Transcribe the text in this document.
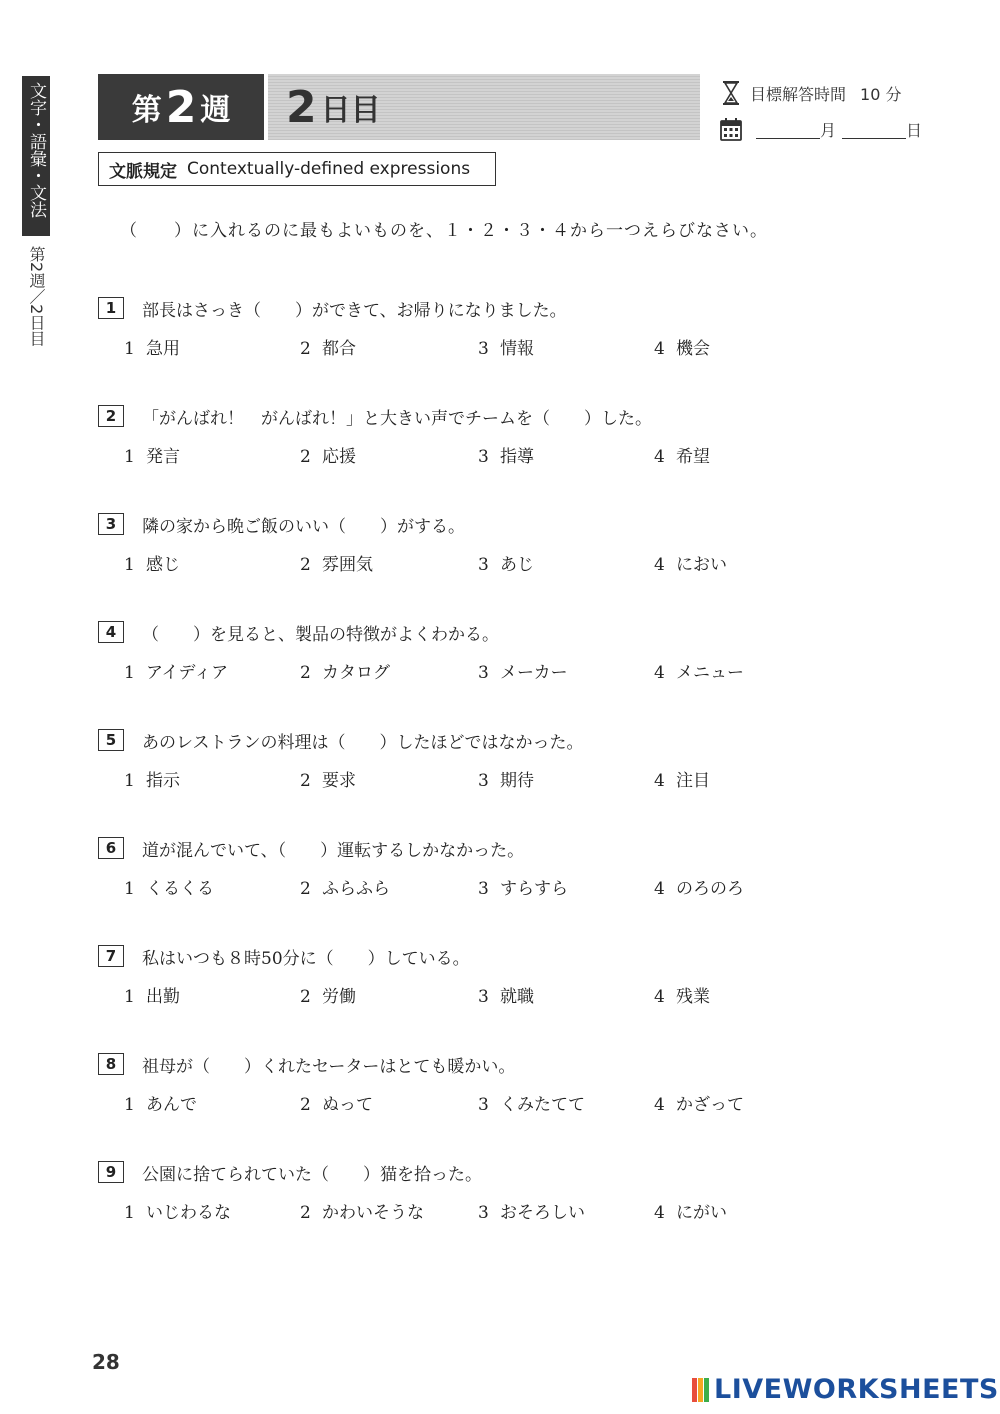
文字・語彙・文法
第2週／2日目
第 2 週 2 日目	目標解答時間 10 分
月	日
文脈規定 Contextually-defined expressions
（　　）に入れるのに最もよいものを、１・２・３・４から一つえらびなさい。
1	部長はさっき（　　）ができて、お帰りになりました。
1 急用	2 都合	3 情報	4 機会
2	「がんばれ！　がんばれ！」と大きい声でチームを（　　）した。
1 発言	2 応援	3 指導	4 希望
3	隣の家から晩ご飯のいい（　　）がする。
1 感じ	2 雰囲気	3 あじ	4 におい
4	（　　）を見ると、製品の特徴がよくわかる。
1 アイディア	2 カタログ	3 メーカー	4 メニュー
5	あのレストランの料理は（　　）したほどではなかった。
1 指示	2 要求	3 期待	4 注目
6	道が混んでいて、（　　）運転するしかなかった。
1 くるくる	2 ふらふら	3 すらすら	4 のろのろ
7	私はいつも８時50分に（　　）している。
1 出勤	2 労働	3 就職	4 残業
8	祖母が（　　）くれたセーターはとても暖かい。
1 あんで	2 ぬって	3 くみたてて	4 かざって
9	公園に捨てられていた（　　）猫を拾った。
1 いじわるな	2 かわいそうな	3 おそろしい	4 にがい
28
LIVEWORKSHEETS
